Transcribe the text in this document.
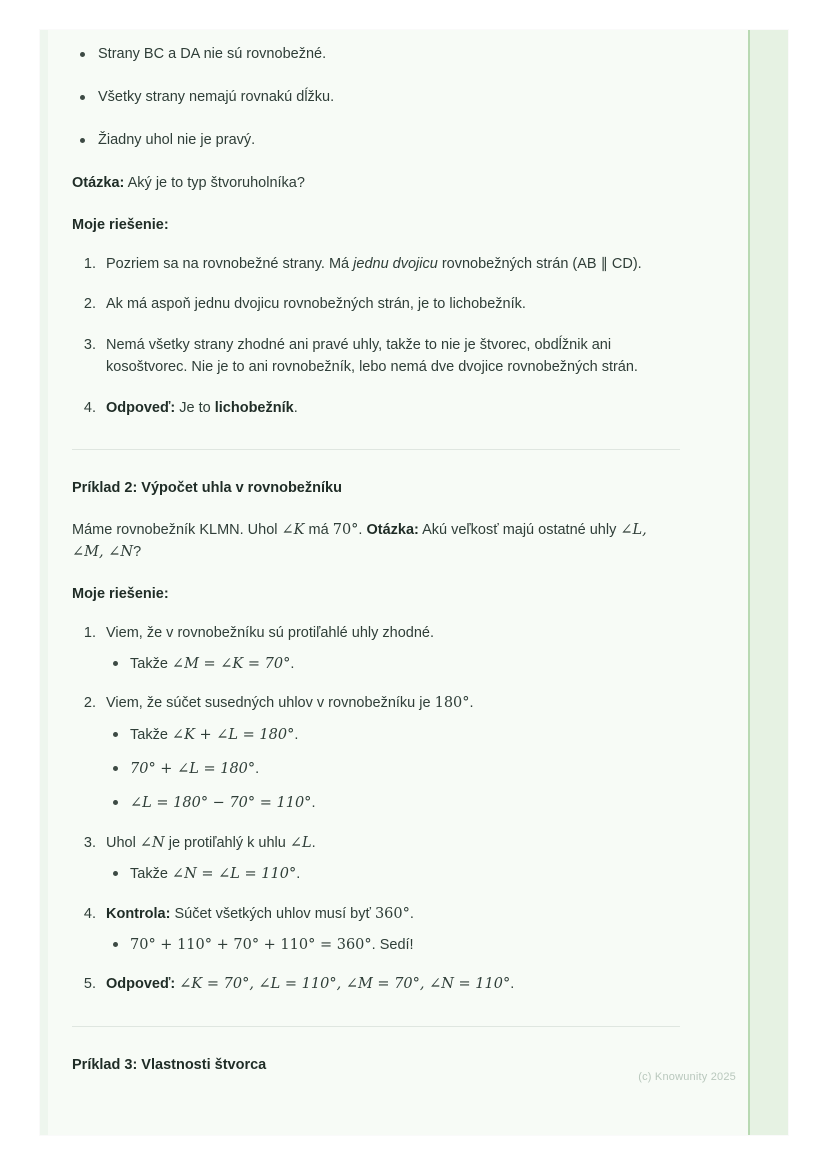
Strany BC a DA nie sú rovnobežné.
Všetky strany nemajú rovnakú dĺžku.
Žiadny uhol nie je pravý.

Otázka: Aký je to typ štvoruholníka?

Moje riešenie:

1. Pozriem sa na rovnobežné strany. Má jednu dvojicu rovnobežných strán (AB ∥ CD).
2. Ak má aspoň jednu dvojicu rovnobežných strán, je to lichobežník.
3. Nemá všetky strany zhodné ani pravé uhly, takže to nie je štvorec, obdĺžnik ani kosoštvorec. Nie je to ani rovnobežník, lebo nemá dve dvojice rovnobežných strán.
4. Odpoveď: Je to lichobežník.

Príklad 2: Výpočet uhla v rovnobežníku

Máme rovnobežník KLMN. Uhol ∠K má 70°. Otázka: Akú veľkosť majú ostatné uhly ∠L, ∠M, ∠N?

Moje riešenie:

1. Viem, že v rovnobežníku sú protiľahlé uhly zhodné.
Takže ∠M = ∠K = 70°.
2. Viem, že súčet susedných uhlov v rovnobežníku je 180°.
Takže ∠K + ∠L = 180°.
70° + ∠L = 180°.
∠L = 180° − 70° = 110°.
3. Uhol ∠N je protiľahlý k uhlu ∠L.
Takže ∠N = ∠L = 110°.
4. Kontrola: Súčet všetkých uhlov musí byť 360°.
70° + 110° + 70° + 110° = 360°. Sedí!
5. Odpoveď: ∠K = 70°, ∠L = 110°, ∠M = 70°, ∠N = 110°.

Príklad 3: Vlastnosti štvorca

(c) Knowunity 2025
